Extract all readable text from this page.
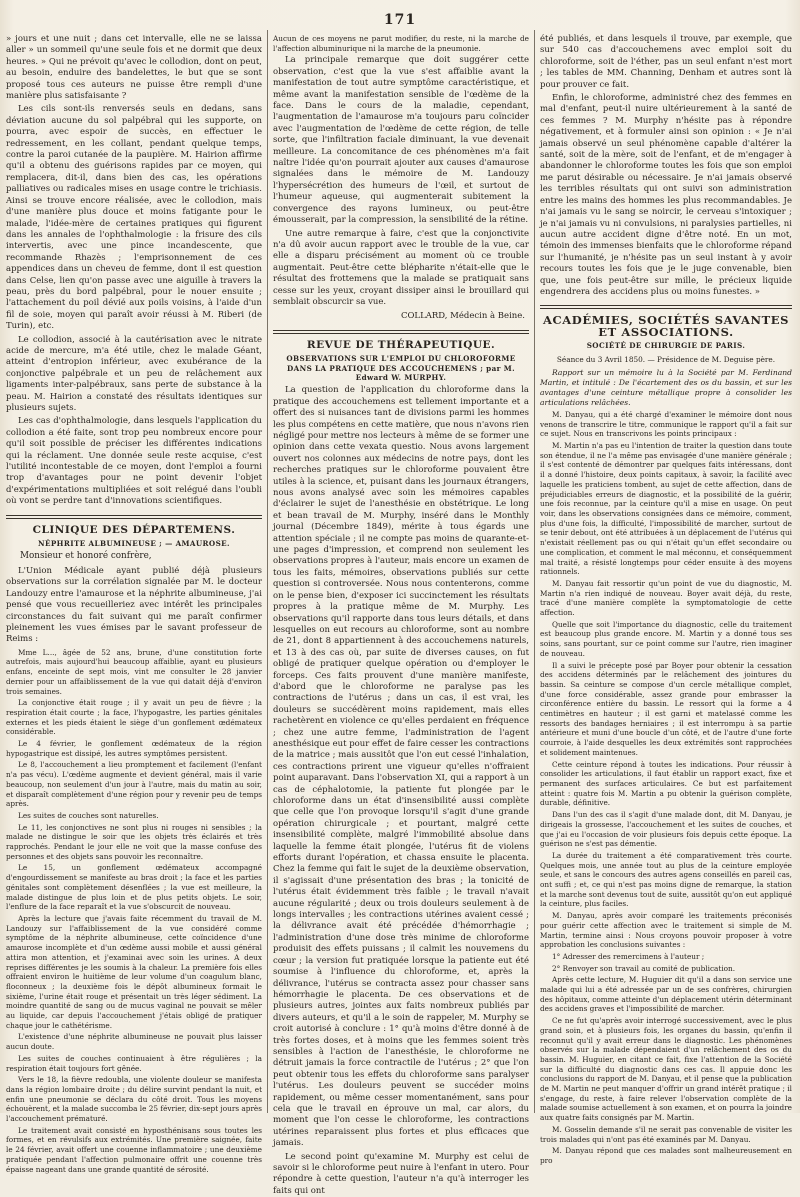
171

» jours et une nuit ; dans cet intervalle, elle ne se laissa aller » un sommeil qu'une seule fois et ne dormit que deux heures. » Qui ne prévoit qu'avec le collodion, dont on peut, au besoin, enduire des bandelettes, le but que se sont proposé tous ces auteurs ne puisse être rempli d'une manière plus satisfaisante ?

Les cils sont-ils renversés seuls en dedans, sans déviation aucune du sol palpébral qui les supporte, on pourra, avec espoir de succès, en effectuer le redressement, en les collant, pendant quelque temps, contre la paroi cutanée de la paupière. M. Hairion affirme qu'il a obtenu des guérisons rapides par ce moyen, qui remplacera, dit-il, dans bien des cas, les opérations palliatives ou radicales mises en usage contre le trichiasis. Ainsi se trouve encore réalisée, avec le collodion, mais d'une manière plus douce et moins fatigante pour le malade, l'idée-mère de certaines pratiques qui figurent dans les annales de l'ophthalmologie : la frisure des cils intervertis, avec une pince incandescente, que recommande Rhazès ; l'emprisonnement de ces appendices dans un cheveu de femme, dont il est question dans Celse, lien qu'on passe avec une aiguille à travers la peau, près du bord palpébral, pour le nouer ensuite ; l'attachement du poil dévié aux poils voisins, à l'aide d'un fil de soie, moyen qui paraît avoir réussi à M. Riberi (de Turin), etc.

Le collodion, associé à la cautérisation avec le nitrate acide de mercure, m'a été utile, chez le malade Géant, atteint d'entropion inférieur, avec exubérance de la conjonctive palpébrale et un peu de relâchement aux ligaments inter-palpébraux, sans perte de substance à la peau. M. Hairion a constaté des résultats identiques sur plusieurs sujets.

Les cas d'ophthalmologie, dans lesquels l'application du collodion a été faite, sont trop peu nombreux encore pour qu'il soit possible de préciser les différentes indications qui la réclament. Une donnée seule reste acquise, c'est l'utilité incontestable de ce moyen, dont l'emploi a fourni trop d'avantages pour ne point devenir l'objet d'expérimentations multipliées et soit relégué dans l'oubli où vont se perdre tant d'innovations scientifiques.

CLINIQUE DES DÉPARTEMENS.
NÉPHRITE ALBUMINEUSE ; — AMAUROSE.
Monsieur et honoré confrère,

L'Union Médicale ayant publié déjà plusieurs observations sur la corrélation signalée par M. le docteur Landouzy entre l'amaurose et la néphrite albumineuse, j'ai pensé que vous recueilleriez avec intérêt les principales circonstances du fait suivant qui me paraît confirmer pleinement les vues émises par le savant professeur de Reims :

Mme L..., âgée de 52 ans, brune, d'une constitution forte autrefois, mais aujourd'hui beaucoup affaiblie, ayant eu plusieurs enfans, enceinte de sept mois, vint me consulter le 28 janvier dernier pour un affaiblissement de la vue qui datait déjà d'environ trois semaines.

La conjonctive était rouge ; il y avait un peu de fièvre ; la respiration était courte ; la face, l'hypogastre, les parties génitales externes et les pieds étaient le siège d'un gonflement œdémateux considérable.

Le 4 février, le gonflement œdémateux de la région hypogastrique est dissipé, les autres symptômes persistent.

Le 8, l'accouchement a lieu promptement et facilement (l'enfant n'a pas vécu). L'œdème augmente et devient général, mais il varie beaucoup, non seulement d'un jour à l'autre, mais du matin au soir, et disparaît complètement d'une région pour y revenir peu de temps après.

Les suites de couches sont naturelles.

Le 11, les conjonctives ne sont plus ni rouges ni sensibles ; la malade ne distingue le soir que les objets très éclairés et très rapprochés. Pendant le jour elle ne voit que la masse confuse des personnes et des objets sans pouvoir les reconnaître.

Le 15, un gonflement œdémateux accompagné d'engourdissement se manifeste au bras droit ; la face et les parties génitales sont complètement désenflées ; la vue est meilleure, la malade distingue de plus loin et de plus petits objets. Le soir, l'enflure de la face reparaît et la vue s'obscurcit de nouveau.

Après la lecture que j'avais faite récemment du travail de M. Landouzy sur l'affaiblissement de la vue considéré comme symptôme de la néphrite albumineuse, cette coïncidence d'une amaurose incomplète et d'un œdème aussi mobile et aussi général attira mon attention, et j'examinai avec soin les urines. A deux reprises différentes je les soumis à la chaleur. La première fois elles offraient environ le huitième de leur volume d'un coagulum blanc, floconneux ; la deuxième fois le dépôt albumineux formait le sixième, l'urine était rouge et présentait un très léger sédiment. La moindre quantité de sang ou de mucus vaginal ne pouvait se mêler au liquide, car depuis l'accouchement j'étais obligé de pratiquer chaque jour le cathétérisme.

L'existence d'une néphrite albumineuse ne pouvait plus laisser aucun doute.

Les suites de couches continuaient à être régulières ; la respiration était toujours fort gênée.

Vers le 18, la fièvre redoubla, une violente douleur se manifesta dans la région lombaire droite ; du délire survint pendant la nuit, et enfin une pneumonie se déclara du côté droit. Tous les moyens échouèrent, et la malade succomba le 25 février, dix-sept jours après l'accouchement prématuré.

Le traitement avait consisté en hyposthénisans sous toutes les formes, et en révulsifs aux extrémités. Une première saignée, faite le 24 février, avait offert une couenne inflammatoire ; une deuxième pratiquée pendant l'affection pulmonaire offrit une couenne très épaisse nageant dans une grande quantité de sérosité.

Aucun de ces moyens ne parut modifier, du reste, ni la marche de l'affection albuminurique ni la marche de la pneumonie.

La principale remarque que doit suggérer cette observation, c'est que la vue s'est affaiblie avant la manifestation de tout autre symptôme caractéristique, et même avant la manifestation sensible de l'œdème de la face. Dans le cours de la maladie, cependant, l'augmentation de l'amaurose m'a toujours paru coïncider avec l'augmentation de l'œdème de cette région, de telle sorte, que l'infiltration faciale diminuant, la vue devenait meilleure. La concomitance de ces phénomènes m'a fait naître l'idée qu'on pourrait ajouter aux causes d'amaurose signalées dans le mémoire de M. Landouzy l'hypersécrétion des humeurs de l'œil, et surtout de l'humeur aqueuse, qui augmenterait subitement la convergence des rayons lumineux, ou peut-être émousserait, par la compression, la sensibilité de la rétine.

Une autre remarque à faire, c'est que la conjonctivite n'a dû avoir aucun rapport avec le trouble de la vue, car elle a disparu précisément au moment où ce trouble augmentait. Peut-être cette blépharite n'était-elle que le résultat des frottemens que la malade se pratiquait sans cesse sur les yeux, croyant dissiper ainsi le brouillard qui semblait obscurcir sa vue.

COLLARD, Médecin à Beine.

REVUE DE THÉRAPEUTIQUE.
OBSERVATIONS SUR L'EMPLOI DU CHLOROFORME DANS LA PRATIQUE DES ACCOUCHEMENS ; par M. Edward W. MURPHY.

La question de l'application du chloroforme dans la pratique des accouchemens est tellement importante et a offert des si nuisances tant de divisions parmi les hommes les plus compétens en cette matière, que nous n'avons rien négligé pour mettre nos lecteurs à même de se former une opinion dans cette vexata questio. Nous avons largement ouvert nos colonnes aux médecins de notre pays, dont les recherches pratiques sur le chloroforme pouvaient être utiles à la science, et, puisant dans les journaux étrangers, nous avons analysé avec soin les mémoires capables d'éclairer le sujet de l'anesthésie en obstétrique. Le long et bean travail de M. Murphy, inséré dans le Monthly journal (Décembre 1849), mérite à tous égards une attention spéciale ; il ne compte pas moins de quarante-et-une pages d'impression, et comprend non seulement les observations propres à l'auteur, mais encore un examen de tous les faits, mémoires, observations publiés sur cette question si controversée. Nous nous contenterons, comme on le pense bien, d'exposer ici succinctement les résultats propres à la pratique même de M. Murphy. Les observations qu'il rapporte dans tous leurs détails, et dans lesquelles on eut recours au chloroforme, sont au nombre de 21, dont 8 appartiennent à des accouchemens naturels, et 13 à des cas où, par suite de diverses causes, on fut obligé de pratiquer quelque opération ou d'employer le forceps. Ces faits prouvent d'une manière manifeste, d'abord que le chloroforme ne paralyse pas les contractions de l'utérus ; dans un cas, il est vrai, les douleurs se succédèrent moins rapidement, mais elles rachetèrent en violence ce qu'elles perdaient en fréquence ; chez une autre femme, l'administration de l'agent anesthésique eut pour effet de faire cesser les contractions de la matrice ; mais aussitôt que l'on eut cessé l'inhalation, ces contractions prirent une vigueur qu'elles n'offraient point auparavant. Dans l'observation XI, qui a rapport à un cas de céphalotomie, la patiente fut plongée par le chloroforme dans un état d'insensibilité aussi complète que celle que l'on provoque lorsqu'il s'agit d'une grande opération chirurgicale ; et pourtant, malgré cette insensibilité complète, malgré l'immobilité absolue dans laquelle la femme était plongée, l'utérus fit de violens efforts durant l'opération, et chassa ensuite le placenta. Chez la femme qui fait le sujet de la deuxième observation, il s'agissait d'une présentation des bras ; la tonicité de l'utérus était évidemment très faible ; le travail n'avait aucune régularité ; deux ou trois douleurs seulement à de longs intervalles ; les contractions utérines avaient cessé ; la délivrance avait été précédée d'hémorrhagie ; l'administration d'une dose très minime de chloroforme produisit des effets puissans ; il calmit les nouvemens du cœur ; la version fut pratiquée lorsque la patiente eut été soumise à l'influence du chloroforme, et, après la délivrance, l'utérus se contracta assez pour chasser sans hémorrhagie le placenta. De ces observations et de plusieurs autres, jointes aux faits nombreux publiés par divers auteurs, et qu'il a le soin de rappeler, M. Murphy se croit autorisé à conclure : 1° qu'à moins d'être donné à de très fortes doses, et à moins que les femmes soient très sensibles à l'action de l'anesthésie, le chloroforme ne détruit jamais la force contractile de l'utérus ; 2° que l'on peut obtenir tous les effets du chloroforme sans paralyser l'utérus. Les douleurs peuvent se succéder moins rapidement, ou même cesser momentanément, sans pour cela que le travail en éprouve un mal, car alors, du moment que l'on cesse le chloroforme, les contractions utérines reparaissent plus fortes et plus efficaces que jamais.

Le second point qu'examine M. Murphy est celui de savoir si le chloroforme peut nuire à l'enfant in utero. Pour répondre à cette question, l'auteur n'a qu'à interroger les faits qui ont

été publiés, et dans lesquels il trouve, par exemple, que sur 540 cas d'accouchemens avec emploi soit du chloroforme, soit de l'éther, pas un seul enfant n'est mort ; les tables de MM. Channing, Denham et autres sont là pour prouver ce fait.

Enfin, le chloroforme, administré chez des femmes en mal d'enfant, peut-il nuire ultérieurement à la santé de ces femmes ? M. Murphy n'hésite pas à répondre négativement, et à formuler ainsi son opinion : « Je n'ai jamais observé un seul phénomène capable d'altérer la santé, soit de la mère, soit de l'enfant, et de m'engager à abandonner le chloroforme toutes les fois que son emploi me parut désirable ou nécessaire. Je n'ai jamais observé les terribles résultats qui ont suivi son administration entre les mains des hommes les plus recommandables. Je n'ai jamais vu le sang se noircir, le cerveau s'intoxiquer ; je n'ai jamais vu ni convulsions, ni paralysies partielles, ni aucun autre accident digne d'être noté. En un mot, témoin des immenses bienfaits que le chloroforme répand sur l'humanité, je n'hésite pas un seul instant à y avoir recours toutes les fois que je le juge convenable, bien que, une fois peut-être sur mille, le précieux liquide engendrera des accidens plus ou moins funestes. »

ACADÉMIES, SOCIÉTÉS SAVANTES ET ASSOCIATIONS.
SOCIÉTÉ DE CHIRURGIE DE PARIS.
Séance du 3 Avril 1850. — Présidence de M. Deguise père.

Rapport sur un mémoire lu à la Société par M. Ferdinand Martin, et intitulé : De l'écartement des os du bassin, et sur les avantages d'une ceinture métallique propre à consolider les articulations relâchées.

M. Danyau, qui a été chargé d'examiner le mémoire dont nous venons de transcrire le titre, communique le rapport qu'il a fait sur ce sujet. Nous en transcrivons les points principaux :

M. Martin n'a pas eu l'intention de traiter la question dans toute son étendue, il ne l'a même pas envisagée d'une manière générale ; il s'est contenté de démontrer par quelques faits intéressans, dont il a donné l'histoire, deux points capitaux, à savoir, la facilité avec laquelle les praticiens tombent, au sujet de cette affection, dans de préjudiciables erreurs de diagnostic, et la possibilité de la guérir, une fois reconnue, par la ceinture qu'il a mise en usage. On peut voir, dans les observations consignées dans ce mémoire, comment, plus d'une fois, la difficulté, l'impossibilité de marcher, surtout de se tenir debout, ont été attribuées à un déplacement de l'utérus qui n'existait réellement pas ou qui n'était qu'un effet secondaire ou une complication, et comment le mal méconnu, et conséquemment mal traité, a résisté longtemps pour céder ensuite à des moyens rationnels.

M. Danyau fait ressortir qu'un point de vue du diagnostic, M. Martin n'a rien indiqué de nouveau. Boyer avait déjà, du reste, tracé d'une manière complète la symptomatologie de cette affection.

Quelle que soit l'importance du diagnostic, celle du traitement est beaucoup plus grande encore. M. Martin y a donné tous ses soins, sans pourtant, sur ce point comme sur l'autre, rien imaginer de nouveau.

Il a suivi le précepte posé par Boyer pour obtenir la cessation des accidens déterminés par le relâchement des jointures du bassin. Sa ceinture se compose d'un cercle métallique complet, d'une force considérable, assez grande pour embrasser la circonférence entière du bassin. Le ressort qui la forme a 4 centimètres en hauteur ; il est garni et matelassé comme les ressorts des bandages herniaires ; il est interrompu à sa partie antérieure et muni d'une boucle d'un côté, et de l'autre d'une forte courroie, à l'aide desquelles les deux extrémités sont rapprochées et solidement maintenues.

Cette ceinture répond à toutes les indications. Pour réussir à consolider les articulations, il faut établir un rapport exact, fixe et permanent des surfaces articulaires. Ce but est parfaitement atteint : quatre fois M. Martin a pu obtenir la guérison complète, durable, définitive.

Dans l'un des cas il s'agit d'une malade dont, dit M. Danyau, je dirigeais la grossesse, l'accouchement et les suites de couches, et que j'ai eu l'occasion de voir plusieurs fois depuis cette époque. La guérison ne s'est pas démentie.

La durée du traitement a été comparativement très courte. Quelques mois, une année tout au plus de la ceinture employée seule, et sans le concours des autres agens conseillés en pareil cas, ont suffi ; et, ce qui n'est pas moins digne de remarque, la station et la marche sont devenus tout de suite, aussitôt qu'on eut appliqué la ceinture, plus faciles.

M. Danyau, après avoir comparé les traitements préconisés pour guérir cette affection avec le traitement si simple de M. Martin, termine ainsi : Nous croyons pouvoir proposer à votre approbation les conclusions suivantes :

1° Adresser des remercimens à l'auteur ;

2° Renvoyer son travail au comité de publication.

Après cette lecture, M. Huguier dit qu'il a dans son service une malade qui lui a été adressée par un de ses confrères, chirurgien des hôpitaux, comme atteinte d'un déplacement utérin déterminant des accidens graves et l'impossibilité de marcher.

Ce ne fut qu'après avoir interrogé successivement, avec le plus grand soin, et à plusieurs fois, les organes du bassin, qu'enfin il reconnut qu'il y avait erreur dans le diagnostic. Les phénomènes observés sur la malade dépendaient d'un relâchement des os du bassin. M. Huguier, en citant ce fait, fixe l'attention de la Société sur la difficulté du diagnostic dans ces cas. Il appuie donc les conclusions du rapport de M. Danyau, et il pense que la publication de M. Martin ne peut manquer d'offrir un grand intérêt pratique ; il s'engage, du reste, à faire relever l'observation complète de la malade soumise actuellement à son examen, et on pourra la joindre aux quatre faits consignés par M. Martin.

M. Gosselin demande s'il ne serait pas convenable de visiter les trois malades qui n'ont pas été examinés par M. Danyau.

M. Danyau répond que ces malades sont malheureusement en pro
